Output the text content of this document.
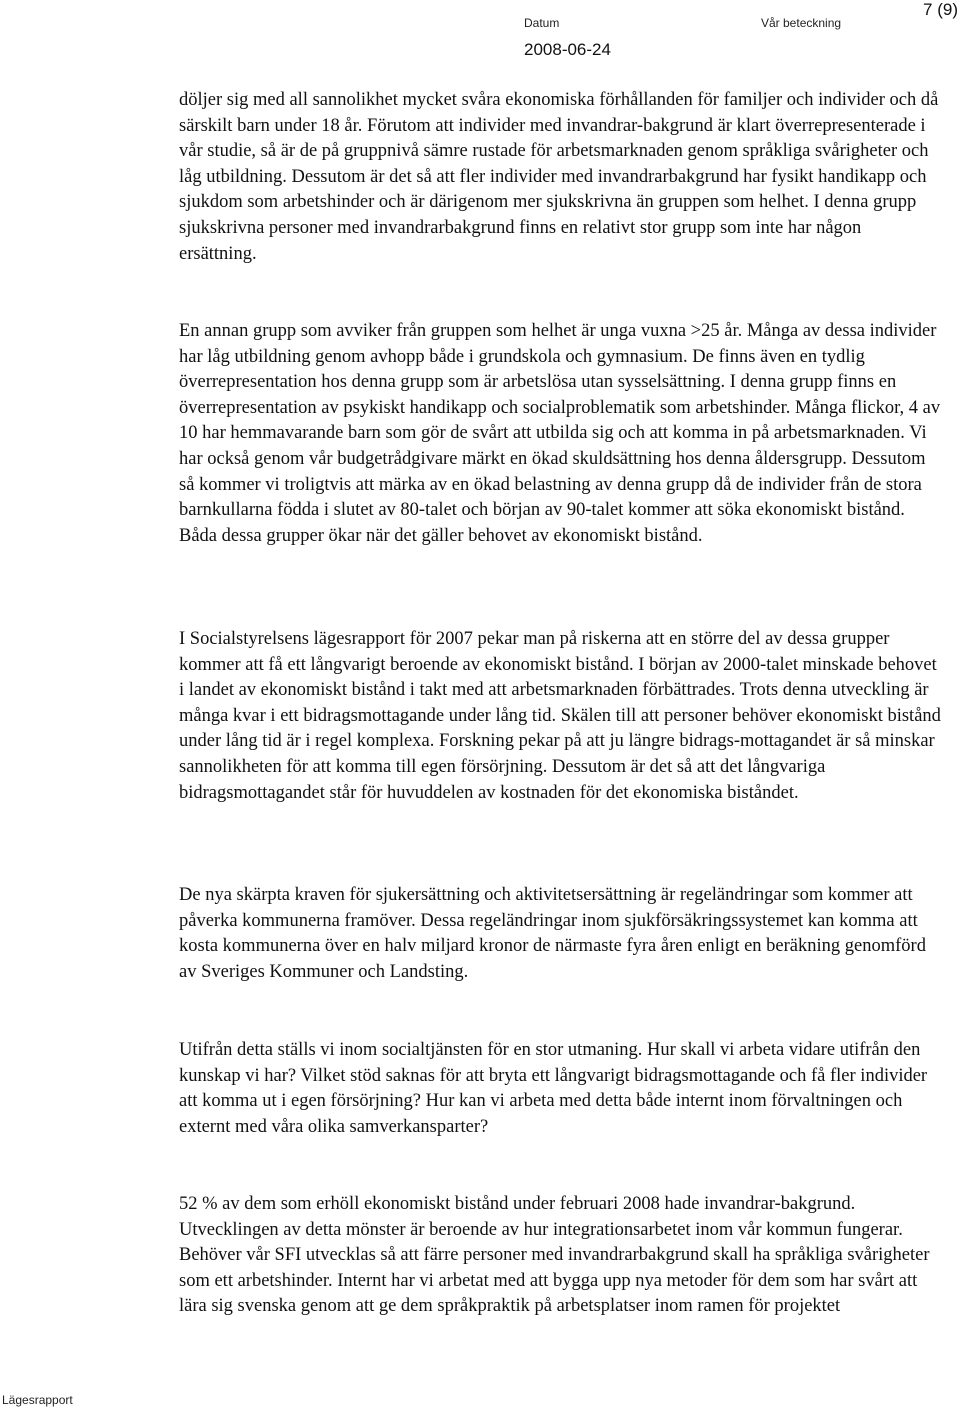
Datum	Vår beteckning
2008-06-24
7 (9)

döljer sig med all sannolikhet mycket svåra ekonomiska förhållanden för familjer och individer och då särskilt barn under 18 år. Förutom att individer med invandrar-bakgrund är klart överrepresenterade i vår studie, så är de på gruppnivå sämre rustade för arbetsmarknaden genom språkliga svårigheter och låg utbildning. Dessutom är det så att fler individer med invandrarbakgrund har fysikt handikapp och sjukdom som arbetshinder och är därigenom mer sjukskrivna än gruppen som helhet. I denna grupp sjukskrivna personer med invandrarbakgrund finns en relativt stor grupp som inte har någon ersättning.

En annan grupp som avviker från gruppen som helhet är unga vuxna >25 år. Många av dessa individer har låg utbildning genom avhopp både i grundskola och gymnasium. De finns även en tydlig överrepresentation hos denna grupp som är arbetslösa utan sysselsättning. I denna grupp finns en överrepresentation av psykiskt handikapp och socialproblematik som arbetshinder. Många flickor, 4 av 10 har hemmavarande barn som gör de svårt att utbilda sig och att komma in på arbetsmarknaden. Vi har också genom vår budgetrådgivare märkt en ökad skuldsättning hos denna åldersgrupp. Dessutom så kommer vi troligtvis att märka av en ökad belastning av denna grupp då de individer från de stora barnkullarna födda i slutet av 80-talet och början av 90-talet kommer att söka ekonomiskt bistånd. Båda dessa grupper ökar när det gäller behovet av ekonomiskt bistånd.

I Socialstyrelsens lägesrapport för 2007 pekar man på riskerna att en större del av dessa grupper kommer att få ett långvarigt beroende av ekonomiskt bistånd. I början av 2000-talet minskade behovet i landet av ekonomiskt bistånd i takt med att arbetsmarknaden förbättrades. Trots denna utveckling är många kvar i ett bidragsmottagande under lång tid. Skälen till att personer behöver ekonomiskt bistånd under lång tid är i regel komplexa. Forskning pekar på att ju längre bidrags-mottagandet är så minskar sannolikheten för att komma till egen försörjning. Dessutom är det så att det långvariga bidragsmottagandet står för huvuddelen av kostnaden för det ekonomiska biståndet.

De nya skärpta kraven för sjukersättning och aktivitetsersättning är regeländringar som kommer att påverka kommunerna framöver. Dessa regeländringar inom sjukförsäkringssystemet kan komma att kosta kommunerna över en halv miljard kronor de närmaste fyra åren enligt en beräkning genomförd av Sveriges Kommuner och Landsting.

Utifrån detta ställs vi inom socialtjänsten för en stor utmaning. Hur skall vi arbeta vidare utifrån den kunskap vi har? Vilket stöd saknas för att bryta ett långvarigt bidragsmottagande och få fler individer att komma ut i egen försörjning? Hur kan vi arbeta med detta både internt inom förvaltningen och externt med våra olika samverkansparter?

52 % av dem som erhöll ekonomiskt bistånd under februari 2008 hade invandrar-bakgrund. Utvecklingen av detta mönster är beroende av hur integrationsarbetet inom vår kommun fungerar. Behöver vår SFI utvecklas så att färre personer med invandrarbakgrund skall ha språkliga svårigheter som ett arbetshinder. Internt har vi arbetat med att bygga upp nya metoder för dem som har svårt att lära sig svenska genom att ge dem språkpraktik på arbetsplatser inom ramen för projektet

Lägesrapport
